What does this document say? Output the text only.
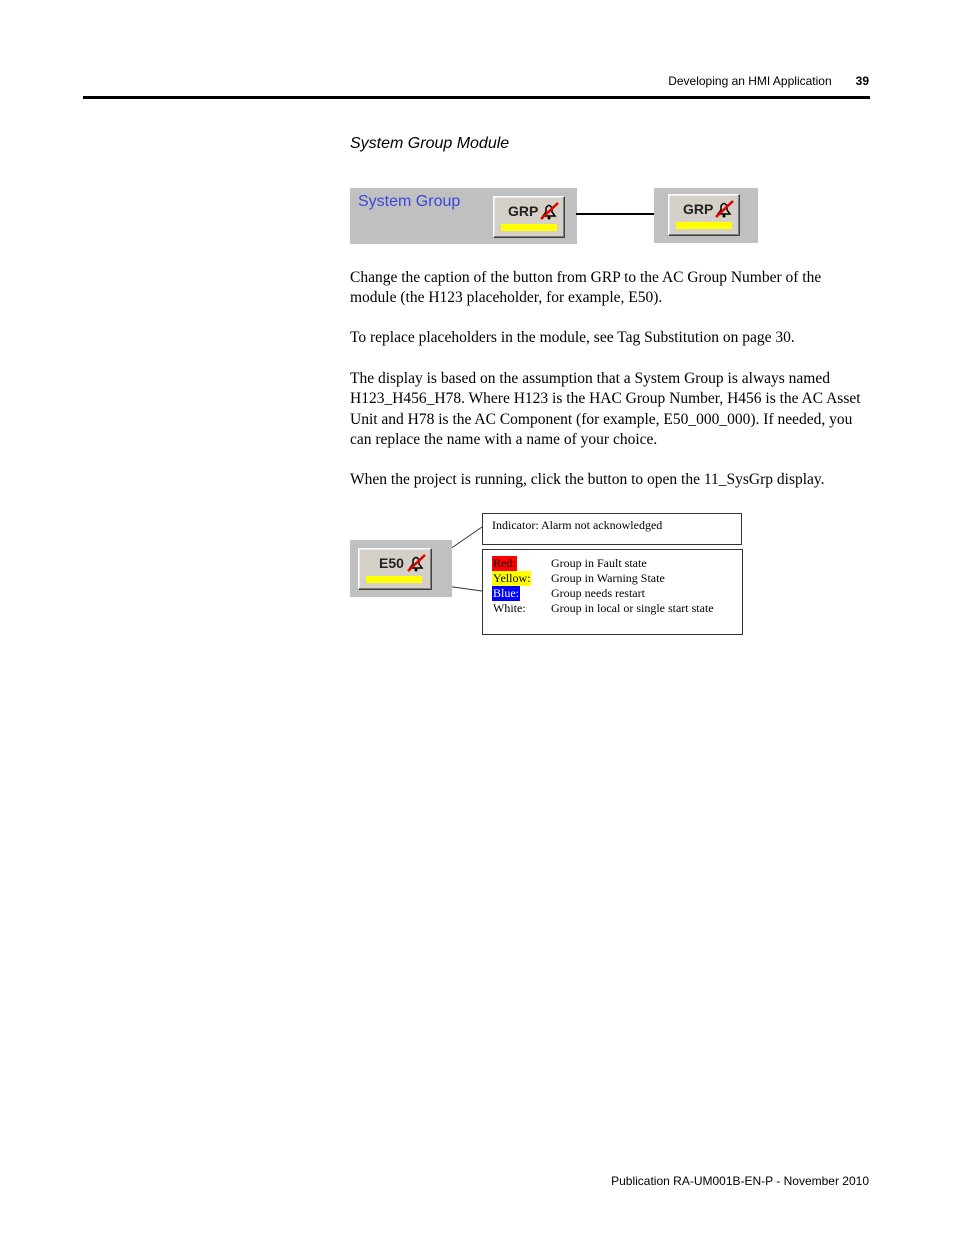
Developing an HMI Application 39
System Group Module
System Group
GRP	GRP
Change the caption of the button from GRP to the AC Group Number of the module (the H123 placeholder, for example, E50).
To replace placeholders in the module, see Tag Substitution on page 30.
The display is based on the assumption that a System Group is always named H123_H456_H78. Where H123 is the HAC Group Number, H456 is the AC Asset Unit and H78 is the AC Component (for example, E50_000_000). If needed, you can replace the name with a name of your choice.
When the project is running, click the button to open the 11_SysGrp display.
E50
Indicator: Alarm not acknowledged
Red:	Group in Fault state
Yellow: Group in Warning State
Blue:	Group needs restart
White: Group in local or single start state
Publication RA-UM001B-EN-P - November 2010
